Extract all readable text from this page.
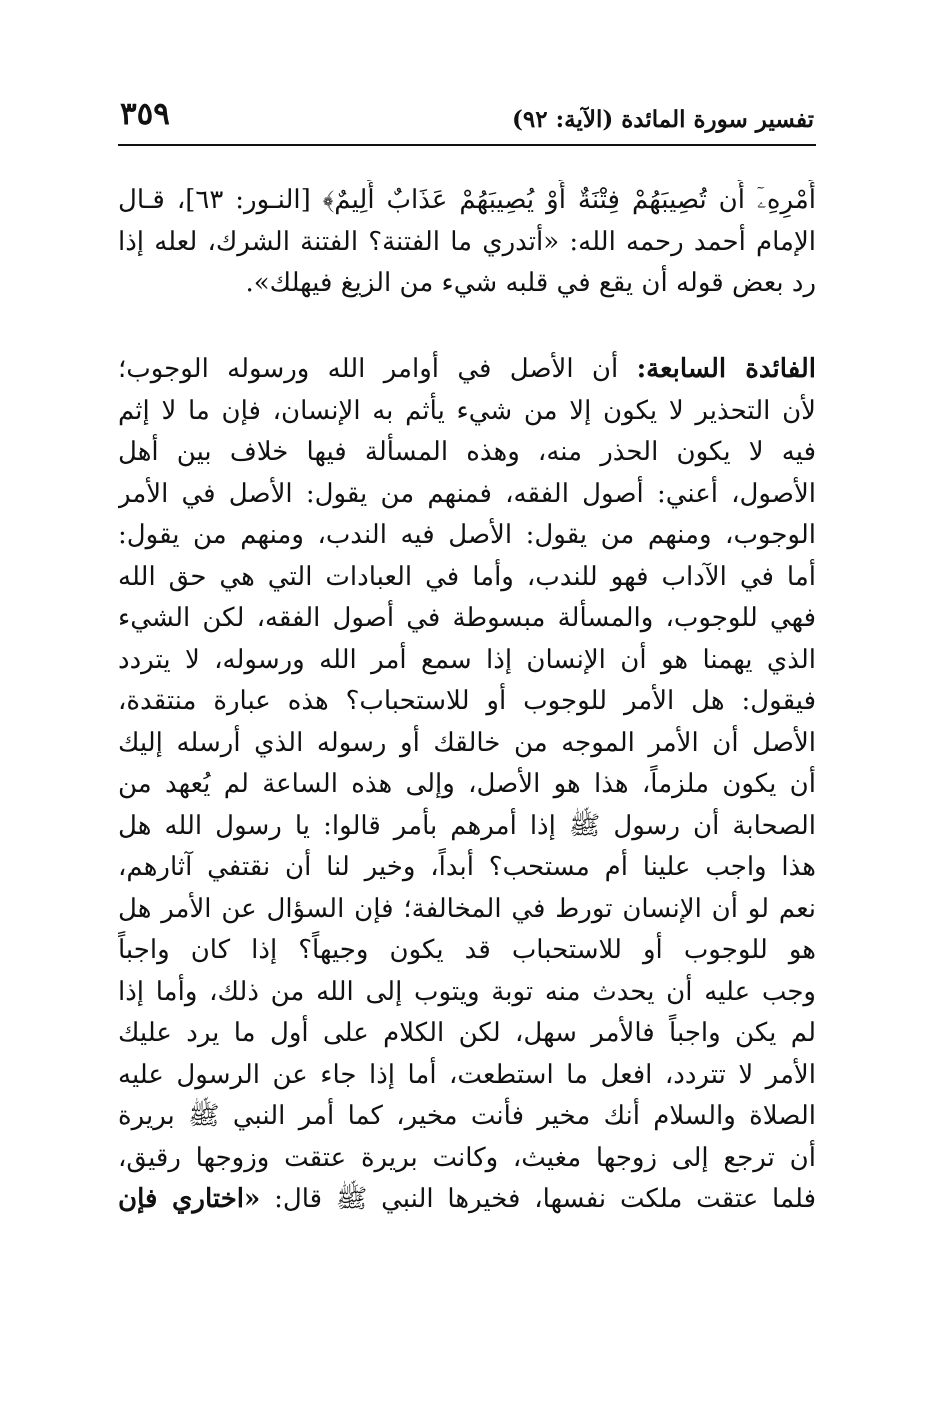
تفسير سورة المائدة (الآية: ٩٢)
٣٥٩
أَمْرِهِۦٓ أَن تُصِيبَهُمْ فِتْنَةٌ أَوْ يُصِيبَهُمْ عَذَابٌ أَلِيمٌ﴾ [النـور: ٦٣]، قـال
الإمام أحمد رحمه الله: «أتدري ما الفتنة؟ الفتنة الشرك، لعله إذا
رد بعض قوله أن يقع في قلبه شيء من الزيغ فيهلك».
الفائدة السابعة: أن الأصل في أوامر الله ورسوله الوجوب؛
لأن التحذير لا يكون إلا من شيء يأثم به الإنسان، فإن ما لا إثم
فيه لا يكون الحذر منه، وهذه المسألة فيها خلاف بين أهل
الأصول، أعني: أصول الفقه، فمنهم من يقول: الأصل في الأمر
الوجوب، ومنهم من يقول: الأصل فيه الندب، ومنهم من يقول:
أما في الآداب فهو للندب، وأما في العبادات التي هي حق الله
فهي للوجوب، والمسألة مبسوطة في أصول الفقه، لكن الشيء
الذي يهمنا هو أن الإنسان إذا سمع أمر الله ورسوله، لا يتردد
فيقول: هل الأمر للوجوب أو للاستحباب؟ هذه عبارة منتقدة،
الأصل أن الأمر الموجه من خالقك أو رسوله الذي أرسله إليك
أن يكون ملزماً، هذا هو الأصل، وإلى هذه الساعة لم يُعهد من
الصحابة أن رسول ﷺ إذا أمرهم بأمر قالوا: يا رسول الله هل
هذا واجب علينا أم مستحب؟ أبداً، وخير لنا أن نقتفي آثارهم،
نعم لو أن الإنسان تورط في المخالفة؛ فإن السؤال عن الأمر هل
هو للوجوب أو للاستحباب قد يكون وجيهاً؟ إذا كان واجباً
وجب عليه أن يحدث منه توبة ويتوب إلى الله من ذلك، وأما إذا
لم يكن واجباً فالأمر سهل، لكن الكلام على أول ما يرد عليك
الأمر لا تتردد، افعل ما استطعت، أما إذا جاء عن الرسول عليه
الصلاة والسلام أنك مخير فأنت مخير، كما أمر النبي ﷺ بريرة
أن ترجع إلى زوجها مغيث، وكانت بريرة عتقت وزوجها رقيق،
فلما عتقت ملكت نفسها، فخيرها النبي ﷺ قال: «اختاري فإن
